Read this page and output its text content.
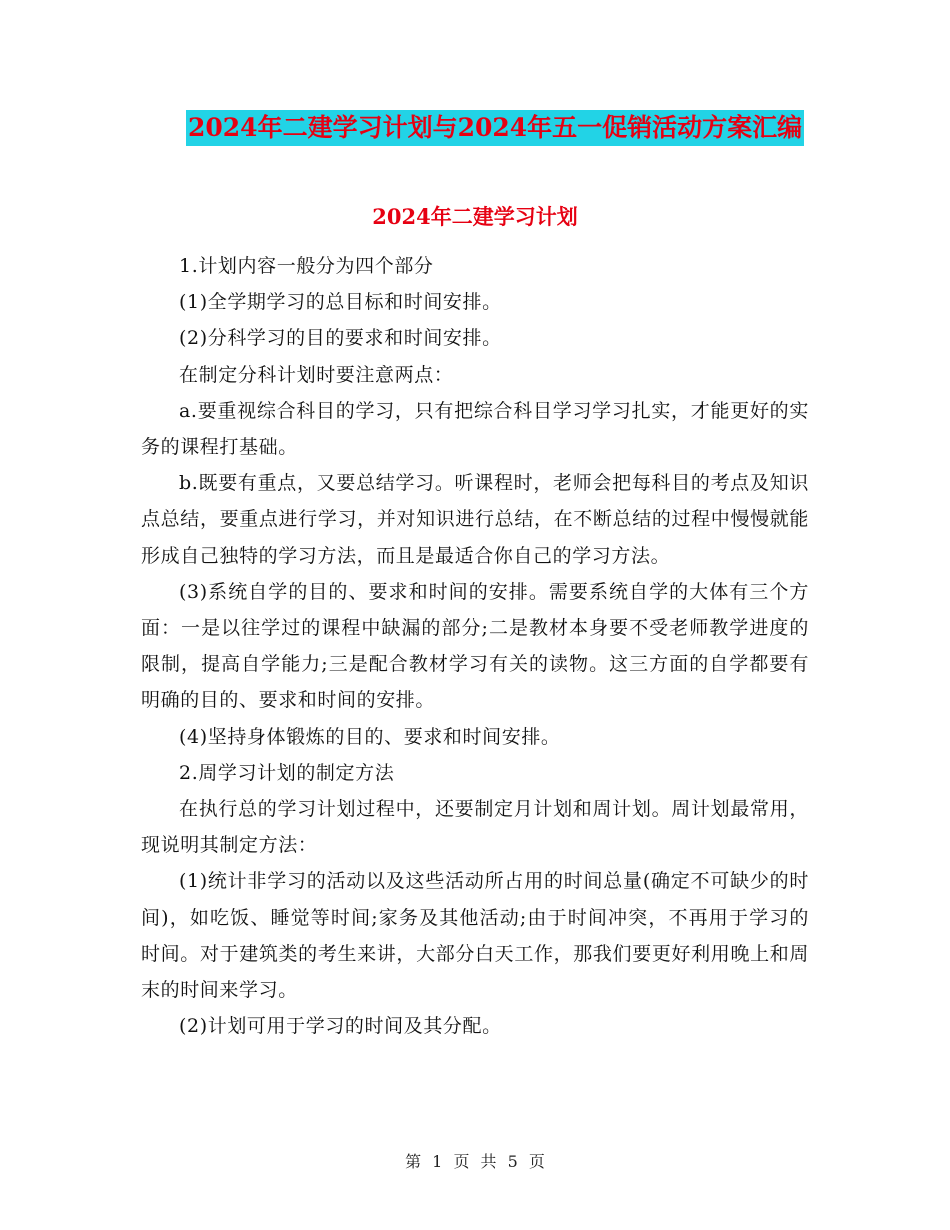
2024年二建学习计划与2024年五一促销活动方案汇编
2024年二建学习计划

1.计划内容一般分为四个部分

(1)全学期学习的总目标和时间安排。

(2)分科学习的目的要求和时间安排。

在制定分科计划时要注意两点：

a.要重视综合科目的学习，只有把综合科目学习学习扎实，才能更好的实务的课程打基础。

b.既要有重点，又要总结学习。听课程时，老师会把每科目的考点及知识点总结，要重点进行学习，并对知识进行总结，在不断总结的过程中慢慢就能形成自己独特的学习方法，而且是最适合你自己的学习方法。

(3)系统自学的目的、要求和时间的安排。需要系统自学的大体有三个方面：一是以往学过的课程中缺漏的部分;二是教材本身要不受老师教学进度的限制，提高自学能力;三是配合教材学习有关的读物。这三方面的自学都要有明确的目的、要求和时间的安排。

(4)坚持身体锻炼的目的、要求和时间安排。

2.周学习计划的制定方法

在执行总的学习计划过程中，还要制定月计划和周计划。周计划最常用，现说明其制定方法：

(1)统计非学习的活动以及这些活动所占用的时间总量(确定不可缺少的时间)，如吃饭、睡觉等时间;家务及其他活动;由于时间冲突，不再用于学习的时间。对于建筑类的考生来讲，大部分白天工作，那我们要更好利用晚上和周末的时间来学习。

(2)计划可用于学习的时间及其分配。

第 1 页 共 5 页
